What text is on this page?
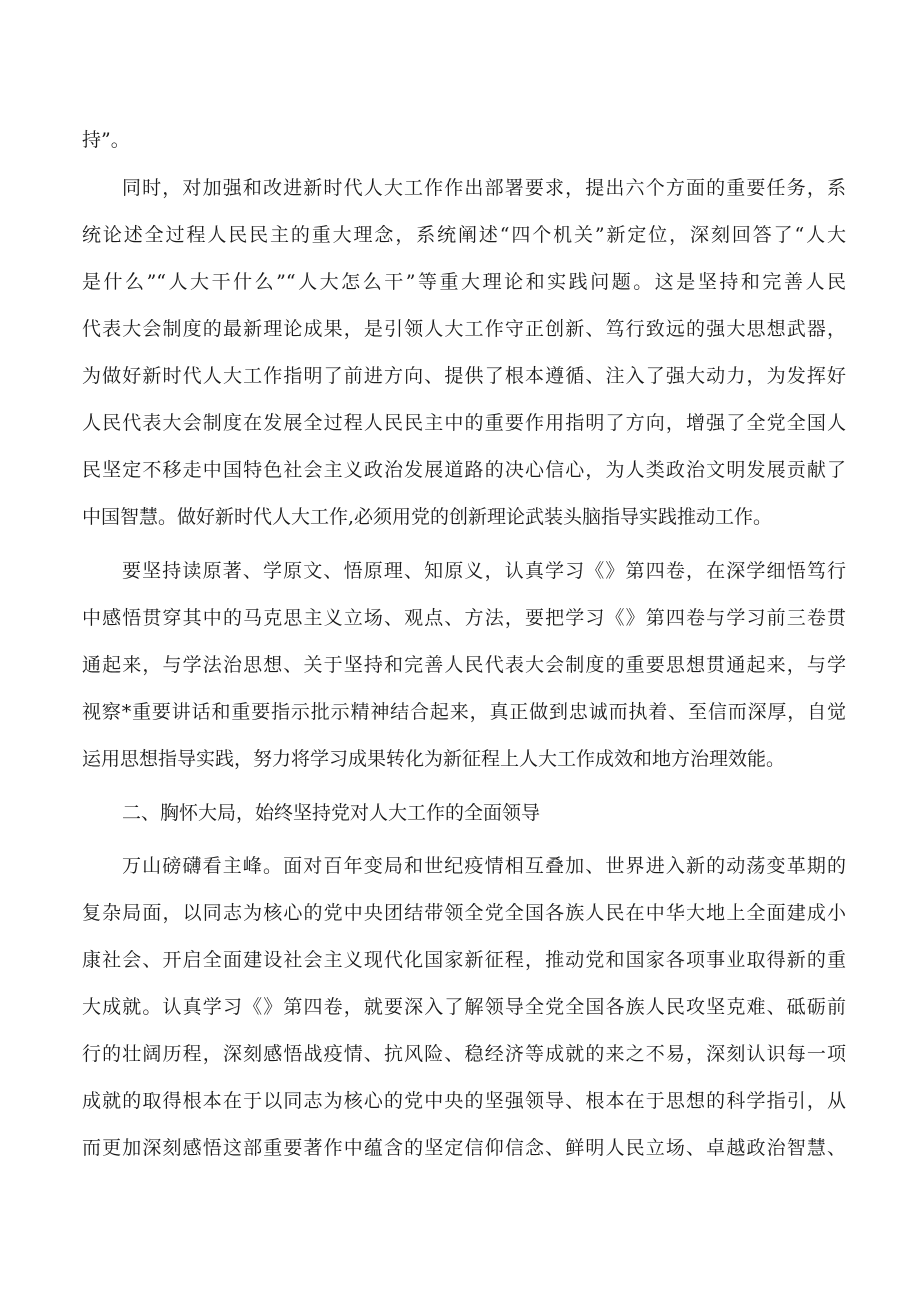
持”。
同时，对加强和改进新时代人大工作作出部署要求，提出六个方面的重要任务，系
统论述全过程人民民主的重大理念，系统阐述“四个机关”新定位，深刻回答了“人大
是什么”“人大干什么”“人大怎么干”等重大理论和实践问题。这是坚持和完善人民
代表大会制度的最新理论成果，是引领人大工作守正创新、笃行致远的强大思想武器，
为做好新时代人大工作指明了前进方向、提供了根本遵循、注入了强大动力，为发挥好
人民代表大会制度在发展全过程人民民主中的重要作用指明了方向，增强了全党全国人
民坚定不移走中国特色社会主义政治发展道路的决心信心，为人类政治文明发展贡献了
中国智慧。做好新时代人大工作,必须用党的创新理论武装头脑指导实践推动工作。
要坚持读原著、学原文、悟原理、知原义，认真学习《》第四卷，在深学细悟笃行
中感悟贯穿其中的马克思主义立场、观点、方法，要把学习《》第四卷与学习前三卷贯
通起来，与学法治思想、关于坚持和完善人民代表大会制度的重要思想贯通起来，与学
视察*重要讲话和重要指示批示精神结合起来，真正做到忠诚而执着、至信而深厚，自觉
运用思想指导实践，努力将学习成果转化为新征程上人大工作成效和地方治理效能。
二、胸怀大局，始终坚持党对人大工作的全面领导
万山磅礴看主峰。面对百年变局和世纪疫情相互叠加、世界进入新的动荡变革期的
复杂局面，以同志为核心的党中央团结带领全党全国各族人民在中华大地上全面建成小
康社会、开启全面建设社会主义现代化国家新征程，推动党和国家各项事业取得新的重
大成就。认真学习《》第四卷，就要深入了解领导全党全国各族人民攻坚克难、砥砺前
行的壮阔历程，深刻感悟战疫情、抗风险、稳经济等成就的来之不易，深刻认识每一项
成就的取得根本在于以同志为核心的党中央的坚强领导、根本在于思想的科学指引，从
而更加深刻感悟这部重要著作中蕴含的坚定信仰信念、鲜明人民立场、卓越政治智慧、
